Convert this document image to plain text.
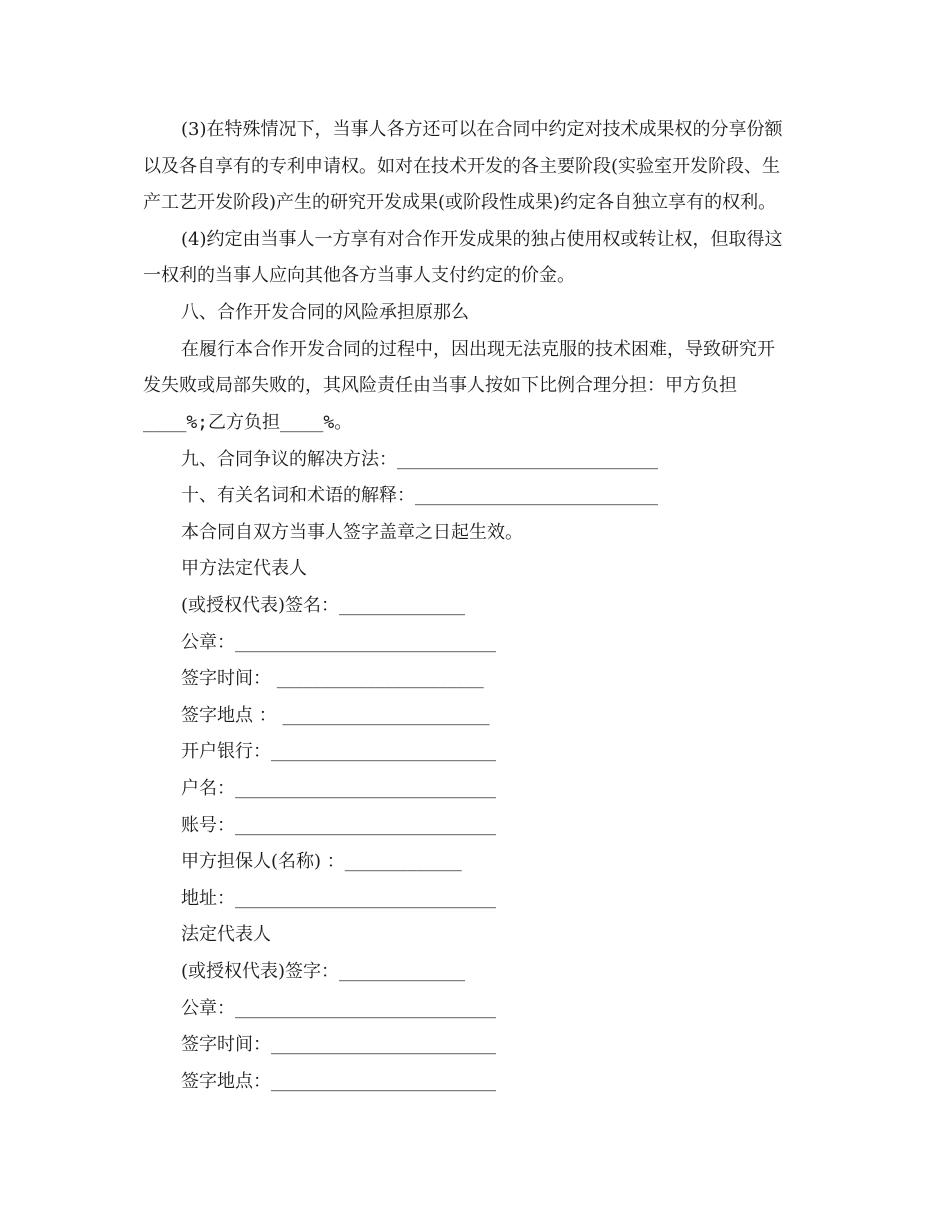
(3)在特殊情况下，当事人各方还可以在合同中约定对技术成果权的分享份额
以及各自享有的专利申请权。如对在技术开发的各主要阶段(实验室开发阶段、生
产工艺开发阶段)产生的研究开发成果(或阶段性成果)约定各自独立享有的权利。
(4)约定由当事人一方享有对合作开发成果的独占使用权或转让权，但取得这
一权利的当事人应向其他各方当事人支付约定的价金。
八、合作开发合同的风险承担原那么
在履行本合作开发合同的过程中，因出现无法克服的技术困难，导致研究开
发失败或局部失败的，其风险责任由当事人按如下比例合理分担：甲方负担
____%;乙方负担____%。
九、合同争议的解决方法：_____________________________
十、有关名词和术语的解释：___________________________
本合同自双方当事人签字盖章之日起生效。
甲方法定代表人
(或授权代表)签名：______________
公章：_____________________________
签字时间： _______________________
签字地点 ： _______________________
开户银行：_________________________
户名：_____________________________
账号：_____________________________
甲方担保人(名称) ：_____________
地址：_____________________________
法定代表人
(或授权代表)签字：______________
公章：_____________________________
签字时间：_________________________
签字地点：_________________________
